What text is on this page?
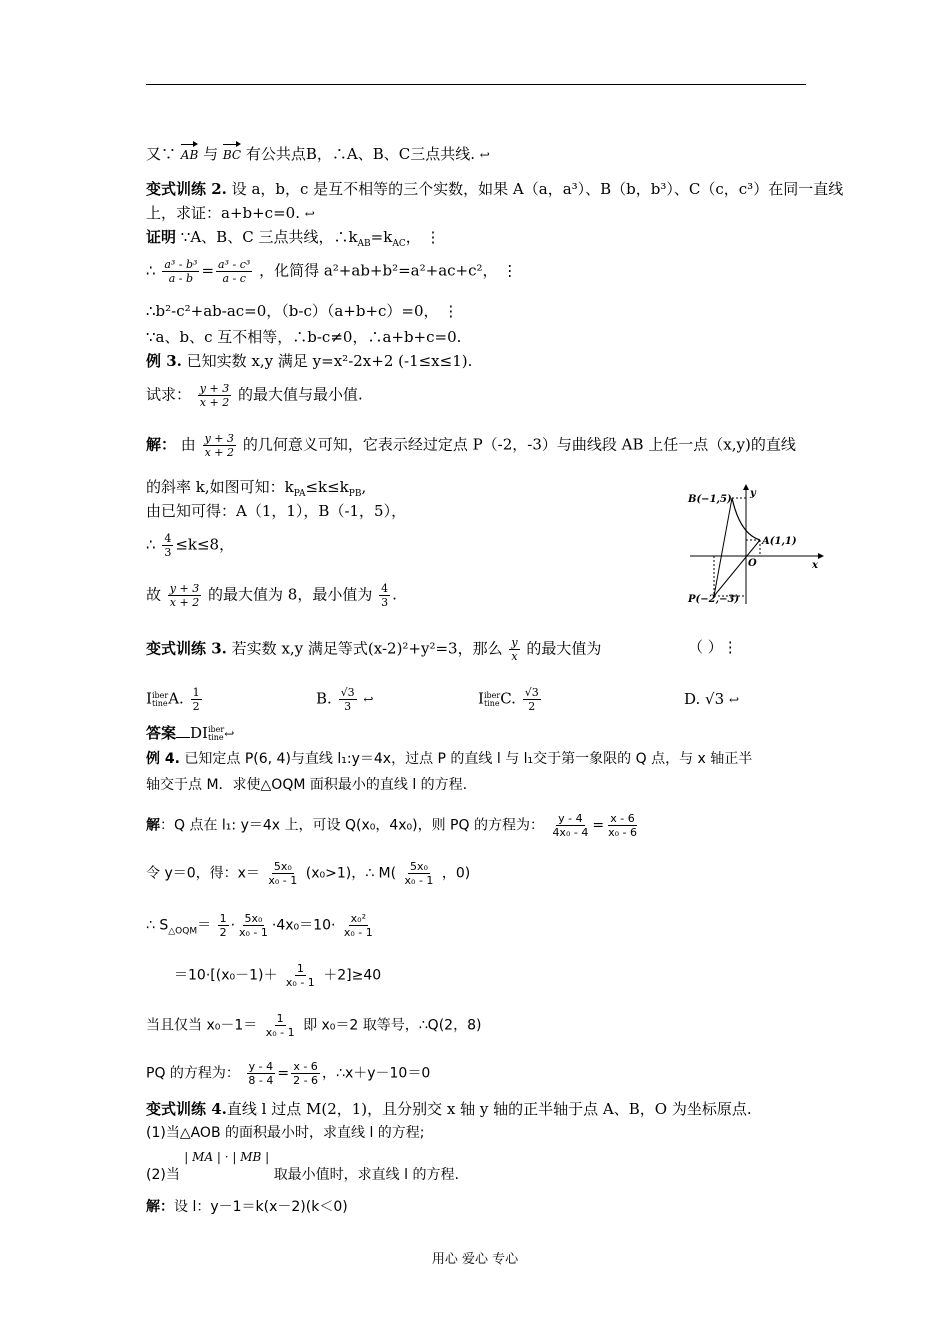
又∵ AB 与 BC 有公共点B，∴A、B、C三点共线. ↩
变式训练 2. 设 a，b，c 是互不相等的三个实数，如果 A（a，a³）、B（b，b³）、C（c，c³）在同一直线
上，求证：a+b+c=0. ↩
证明 ∵A、B、C 三点共线，$\therefore k_{AB}=k_{AC}$， ⋮
∴ $\frac{\text{a³ - b³}}{a - b} = \frac{\text{a³ - c³}}{a - c}$ ，化简得 a²+ab+b²=a²+ac+c²， ⋮
∴b²-c²+ab-ac=0，（b-c）（a+b+c）=0， ⋮
∵a、b、c 互不相等，∴b-c≠0，∴a+b+c=0.
例 3. 已知实数 x,y 满足 y=x²-2x+2 (-1≤x≤1).
试求： $\frac{y + 3}{x + 2}$ 的最大值与最小值.
解： 由 $\frac{y + 3}{x + 2}$ 的几何意义可知，它表示经过定点 P（-2，-3）与曲线段 AB 上任一点（x,y)的直线
的斜率 k,如图可知：$k_{PA}\le k\le k_{PB}$,
由已知可得：A（1，1），B（-1，5），
∴ $\frac{4}{3} \le k\le 8$，
故 $\frac{y + 3}{x + 2}$ 的最大值为 8，最小值为 $\frac{4}{3}$ .
B(−1,5)
A(1,1)
P(−2,−3)
O	x
y
变式训练 3. 若实数 x,y 满足等式(x-2)²+y²=3，那么 $\frac{y}{x}$ 的最大值为	（ ）⋮
Iiber
tineA. $\frac{1}{2}$	B. $\frac{√3}{3}$ ↩	Iiber
tineC. $\frac{√3}{2}$	D. √3 ↩
答案 DIiber
tine↩
例 4. 已知定点 P(6, 4)与直线 l₁:y＝4x，过点 P 的直线 l 与 l₁交于第一象限的 Q 点，与 x 轴正半
轴交于点 M．求使△OQM 面积最小的直线 l 的方程.
解：Q 点在 l₁: y＝4x 上，可设 Q(x₀，4x₀)，则 PQ 的方程为： $\frac{y - 4}{\text{4x₀ - 4}} = \frac{x - 6}{\text{x₀ - 6}}$
令 y＝0，得：$x= \frac{\text{5x₀}}{\text{x₀ - 1}} (x_0>1)$，∴ $M( \frac{\text{5x₀}}{\text{x₀ - 1}}$ ，0)
∴ $S_{\triangle OQM}= \frac{1}{2} \cdot \frac{\text{5x₀}}{\text{x₀ - 1}} \cdot 4x_0=10\cdot \frac{\text{x₀²}}{\text{x₀ - 1}}$
$=10\cdot[(x_0-1)+ \frac{1}{\text{x₀ - 1}} +2]\ge 40$
当且仅当 $x_0-1= \frac{1}{\text{x₀ - 1}}$ 即 x₀＝2 取等号，∴Q(2，8)
PQ 的方程为： $\frac{y - 4}{8 - 4} = \frac{x - 6}{2 - 6}$ ，∴x＋y－10＝0
变式训练 4.直线 l 过点 M(2，1)，且分别交 x 轴 y 轴的正半轴于点 A、B，O 为坐标原点.
(1)当△AOB 的面积最小时，求直线 l 的方程;
(2)当 | MA | · | MB | 取最小值时，求直线 l 的方程.
解：设 l：y－1＝k(x－2)(k＜0)
用心 爱心 专心
